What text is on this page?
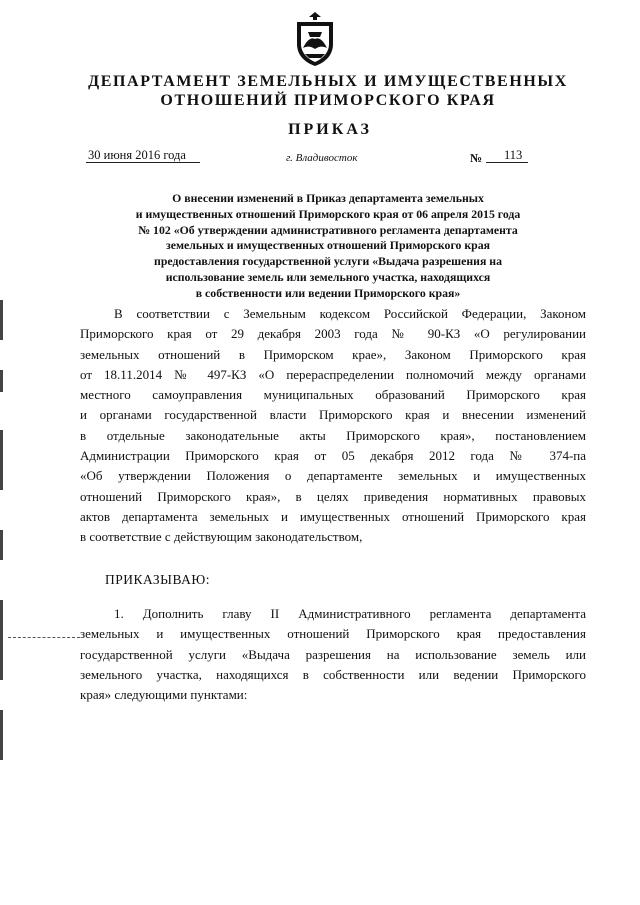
ДЕПАРТАМЕНТ ЗЕМЕЛЬНЫХ И ИМУЩЕСТВЕННЫХ
ОТНОШЕНИЙ ПРИМОРСКОГО КРАЯ
ПРИКАЗ
30 июня 2016 года	г. Владивосток	№ 113
О внесении изменений в Приказ департамента земельных
и имущественных отношений Приморского края от 06 апреля 2015 года
№ 102 «Об утверждении административного регламента департамента
земельных и имущественных отношений Приморского края
предоставления государственной услуги «Выдача разрешения на
использование земель или земельного участка, находящихся
в собственности или ведении Приморского края»
В соответствии с Земельным кодексом Российской Федерации, Законом
Приморского края от 29 декабря 2003 года № 90-КЗ «О регулировании
земельных отношений в Приморском крае», Законом Приморского края
от 18.11.2014 № 497-КЗ «О перераспределении полномочий между органами
местного самоуправления муниципальных образований Приморского края
и органами государственной власти Приморского края и внесении изменений
в отдельные законодательные акты Приморского края», постановлением
Администрации Приморского края от 05 декабря 2012 года № 374-па
«Об утверждении Положения о департаменте земельных и имущественных
отношений Приморского края», в целях приведения нормативных правовых
актов департамента земельных и имущественных отношений Приморского края
в соответствие с действующим законодательством,
ПРИКАЗЫВАЮ:
1. Дополнить главу II Административного регламента департамента
земельных и имущественных отношений Приморского края предоставления
государственной услуги «Выдача разрешения на использование земель или
земельного участка, находящихся в собственности или ведении Приморского
края» следующими пунктами:
